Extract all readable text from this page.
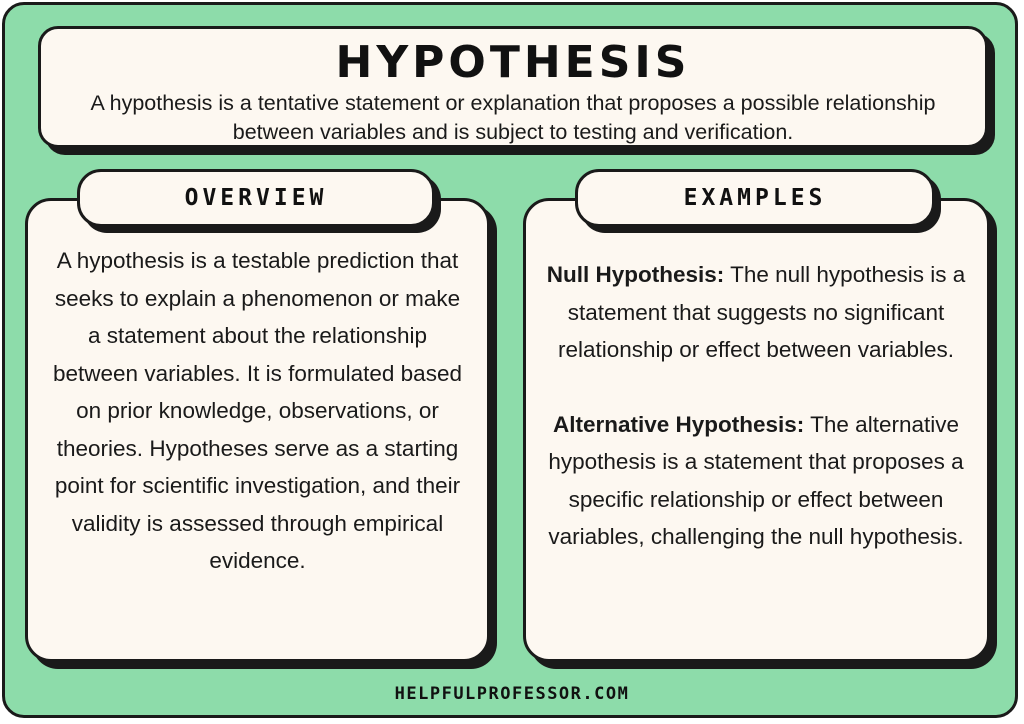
HYPOTHESIS
A hypothesis is a tentative statement or explanation that proposes a possible relationship between variables and is subject to testing and verification.
OVERVIEW
A hypothesis is a testable prediction that seeks to explain a phenomenon or make a statement about the relationship between variables. It is formulated based on prior knowledge, observations, or theories. Hypotheses serve as a starting point for scientific investigation, and their validity is assessed through empirical evidence.
EXAMPLES

Null Hypothesis: The null hypothesis is a statement that suggests no significant relationship or effect between variables.

Alternative Hypothesis: The alternative hypothesis is a statement that proposes a specific relationship or effect between variables, challenging the null hypothesis.

HELPFULPROFESSOR.COM
